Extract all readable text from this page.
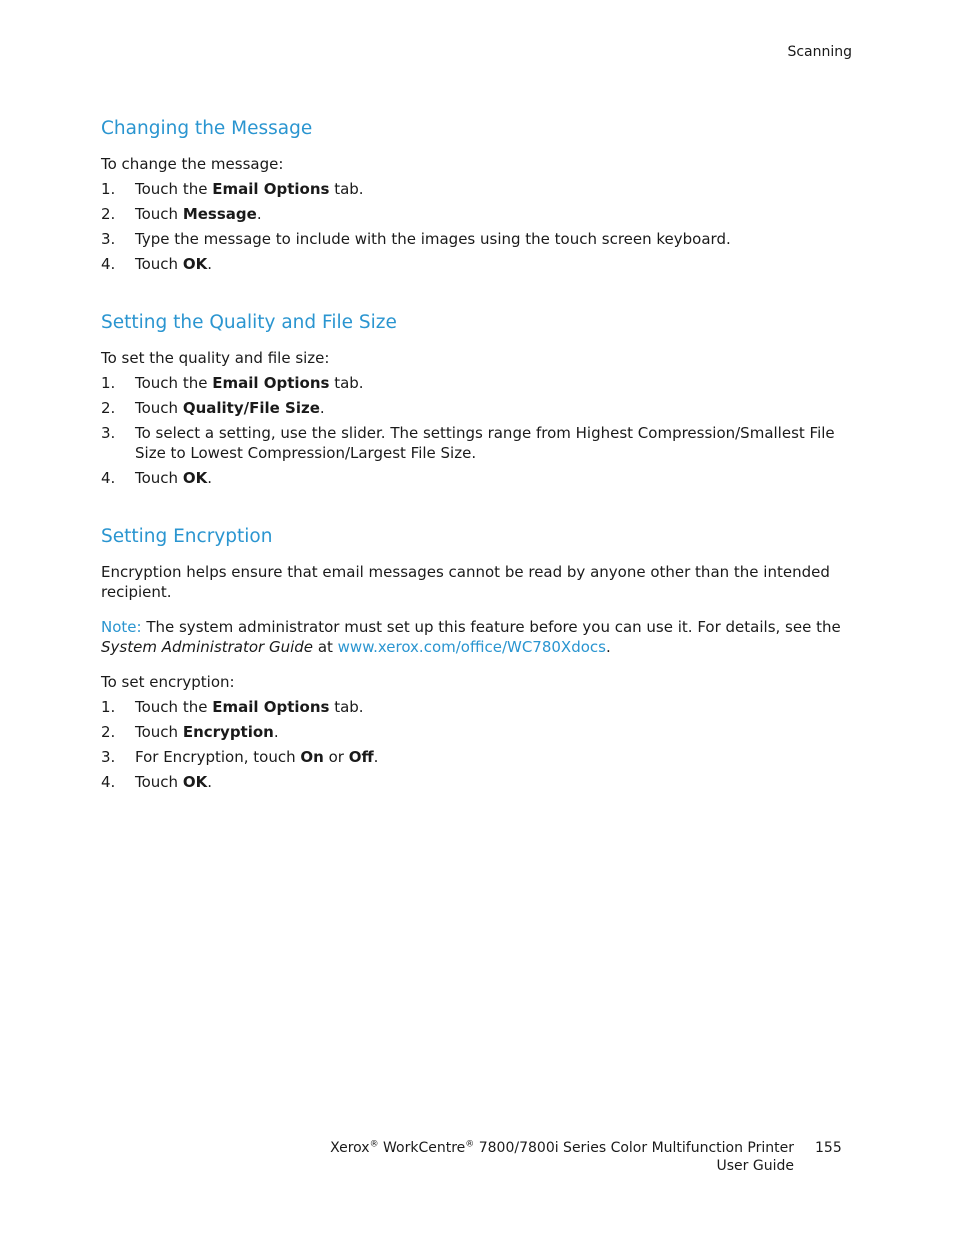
Scanning
Changing the Message

To change the message:

1. Touch the Email Options tab.
2. Touch Message.
3. Type the message to include with the images using the touch screen keyboard.
4. Touch OK.
Setting the Quality and File Size

To set the quality and file size:

1. Touch the Email Options tab.
2. Touch Quality/File Size.
3. To select a setting, use the slider. The settings range from Highest Compression/Smallest File Size to Lowest Compression/Largest File Size.
4. Touch OK.
Setting Encryption

Encryption helps ensure that email messages cannot be read by anyone other than the intended recipient.

Note: The system administrator must set up this feature before you can use it. For details, see the System Administrator Guide at www.xerox.com/office/WC780Xdocs.

To set encryption:

1. Touch the Email Options tab.
2. Touch Encryption.
3. For Encryption, touch On or Off.
4. Touch OK.
Xerox® WorkCentre® 7800/7800i Series Color Multifunction Printer
User Guide
155
